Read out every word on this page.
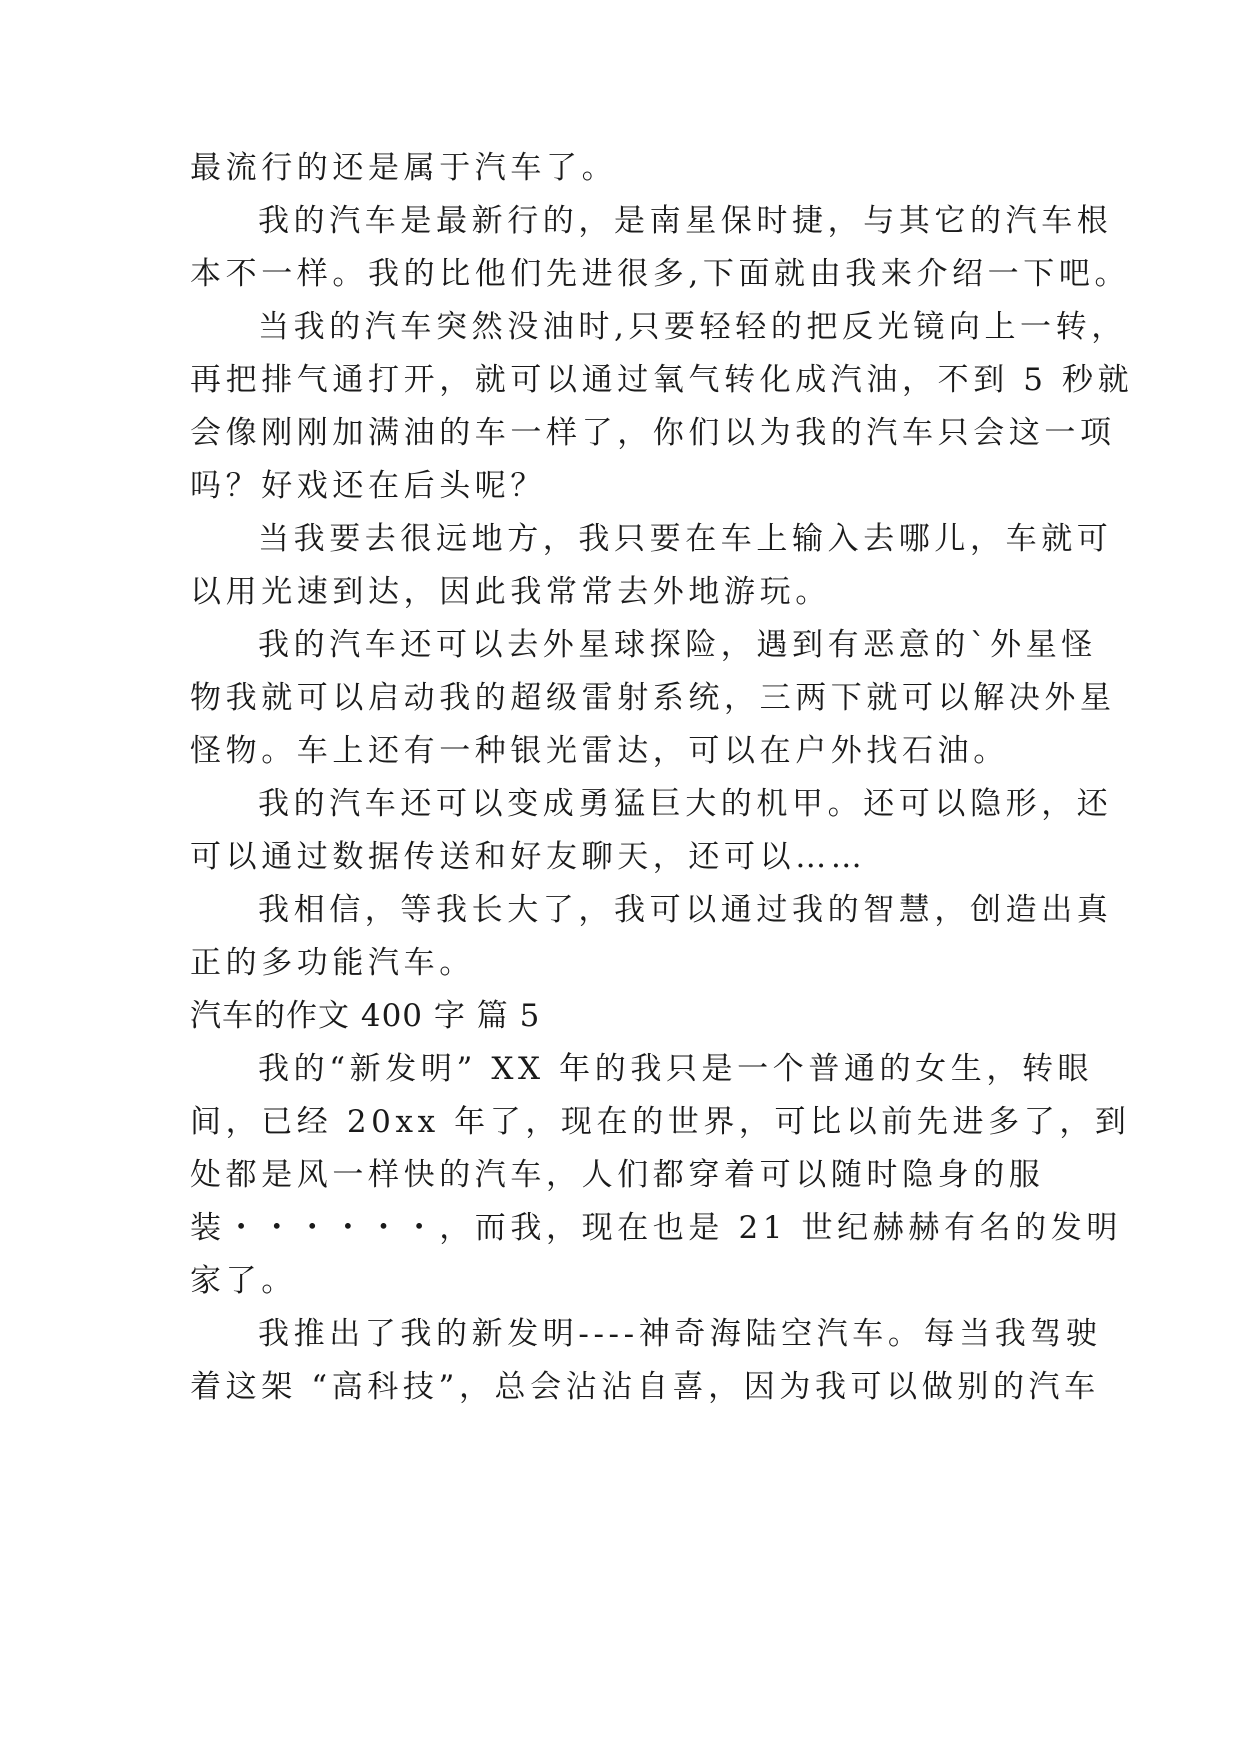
最流行的还是属于汽车了。
我的汽车是最新行的，是南星保时捷，与其它的汽车根
本不一样。我的比他们先进很多,下面就由我来介绍一下吧。
当我的汽车突然没油时,只要轻轻的把反光镜向上一转，
再把排气通打开，就可以通过氧气转化成汽油，不到 5 秒就
会像刚刚加满油的车一样了，你们以为我的汽车只会这一项
吗？好戏还在后头呢？
当我要去很远地方，我只要在车上输入去哪儿，车就可
以用光速到达，因此我常常去外地游玩。
我的汽车还可以去外星球探险，遇到有恶意的`外星怪
物我就可以启动我的超级雷射系统，三两下就可以解决外星
怪物。车上还有一种银光雷达，可以在户外找石油。
我的汽车还可以变成勇猛巨大的机甲。还可以隐形，还
可以通过数据传送和好友聊天，还可以……
我相信，等我长大了，我可以通过我的智慧，创造出真
正的多功能汽车。
汽车的作文 400 字 篇 5
我的“新发明” XX 年的我只是一个普通的女生，转眼
间，已经 20xx 年了，现在的世界，可比以前先进多了，到
处都是风一样快的汽车，人们都穿着可以随时隐身的服
装・・・・・・，而我，现在也是 21 世纪赫赫有名的发明
家了。
我推出了我的新发明----神奇海陆空汽车。每当我驾驶
着这架 “高科技”，总会沾沾自喜，因为我可以做别的汽车
